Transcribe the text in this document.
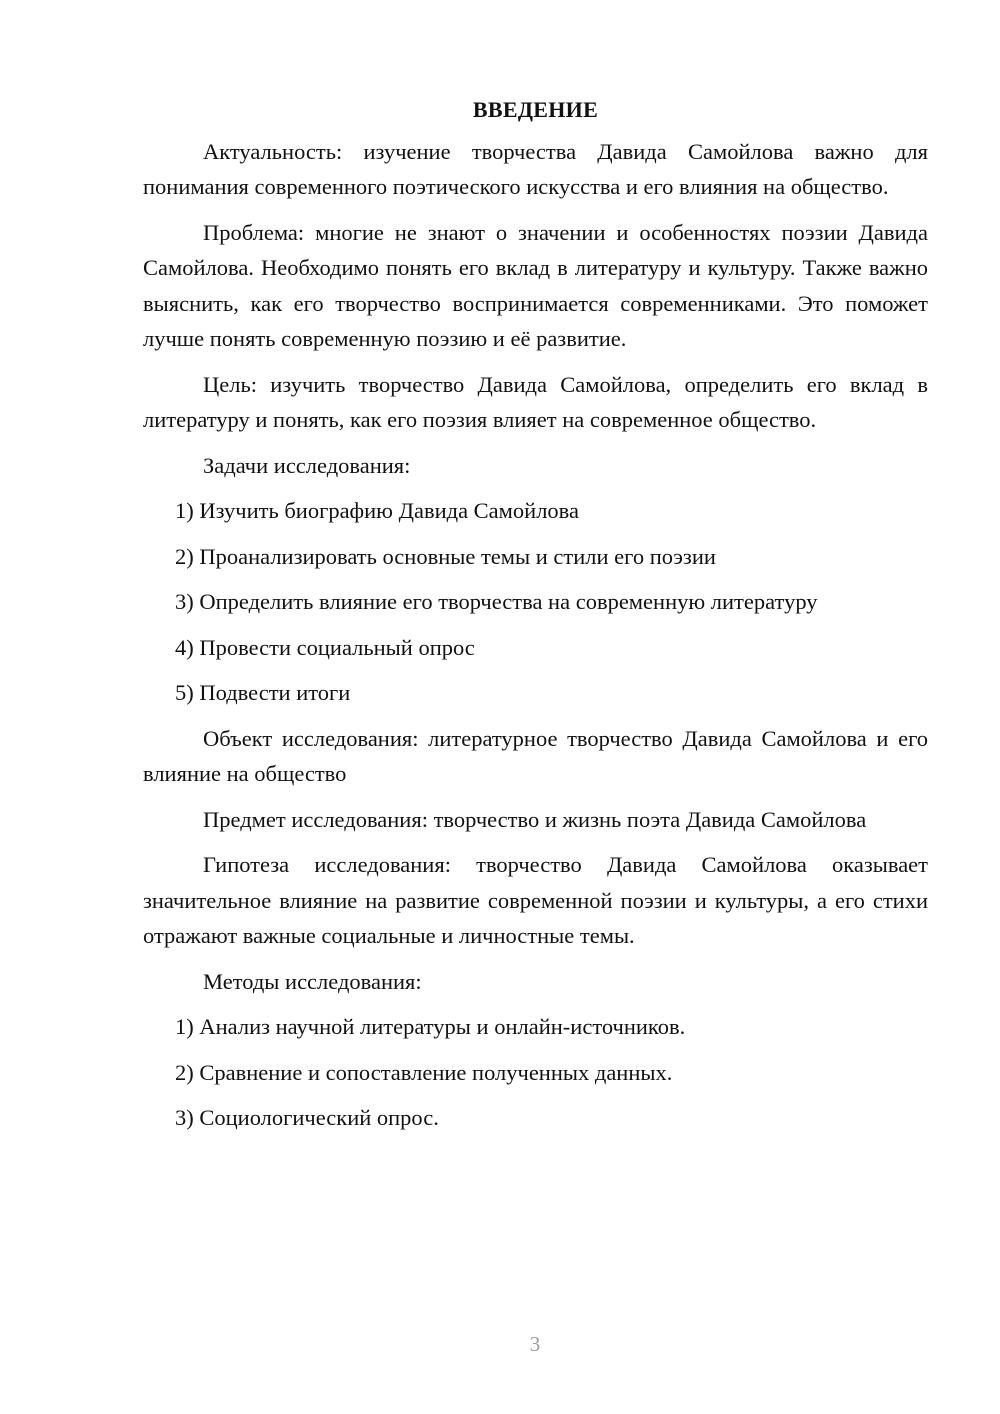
ВВЕДЕНИЕ

Актуальность: изучение творчества Давида Самойлова важно для понимания современного поэтического искусства и его влияния на общество.

Проблема: многие не знают о значении и особенностях поэзии Давида Самойлова. Необходимо понять его вклад в литературу и культуру. Также важно выяснить, как его творчество воспринимается современниками. Это поможет лучше понять современную поэзию и её развитие.

Цель: изучить творчество Давида Самойлова, определить его вклад в литературу и понять, как его поэзия влияет на современное общество.

Задачи исследования:

1) Изучить биографию Давида Самойлова

2) Проанализировать основные темы и стили его поэзии

3) Определить влияние его творчества на современную литературу

4) Провести социальный опрос

5) Подвести итоги

Объект исследования: литературное творчество Давида Самойлова и его влияние на общество

Предмет исследования: творчество и жизнь поэта Давида Самойлова

Гипотеза исследования: творчество Давида Самойлова оказывает значительное влияние на развитие современной поэзии и культуры, а его стихи отражают важные социальные и личностные темы.

Методы исследования:

1) Анализ научной литературы и онлайн-источников.

2) Сравнение и сопоставление полученных данных.

3) Социологический опрос.

3
